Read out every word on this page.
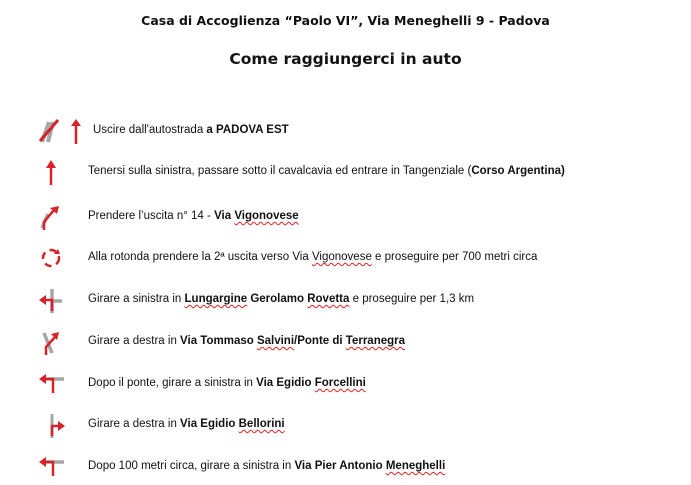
Casa di Accoglienza “Paolo VI”, Via Meneghelli 9 - Padova
Come raggiungerci in auto
Uscire dall'autostrada a PADOVA EST
Tenersi sulla sinistra, passare sotto il cavalcavia ed entrare in Tangenziale (Corso Argentina)
Prendere l’uscita n° 14 - Via Vigonovese
Alla rotonda prendere la 2ª uscita verso Via Vigonovese e proseguire per 700 metri circa
Girare a sinistra in Lungargine Gerolamo Rovetta e proseguire per 1,3 km
Girare a destra in Via Tommaso Salvini/Ponte di Terranegra
Dopo il ponte, girare a sinistra in Via Egidio Forcellini
Girare a destra in Via Egidio Bellorini
Dopo 100 metri circa, girare a sinistra in Via Pier Antonio Meneghelli
